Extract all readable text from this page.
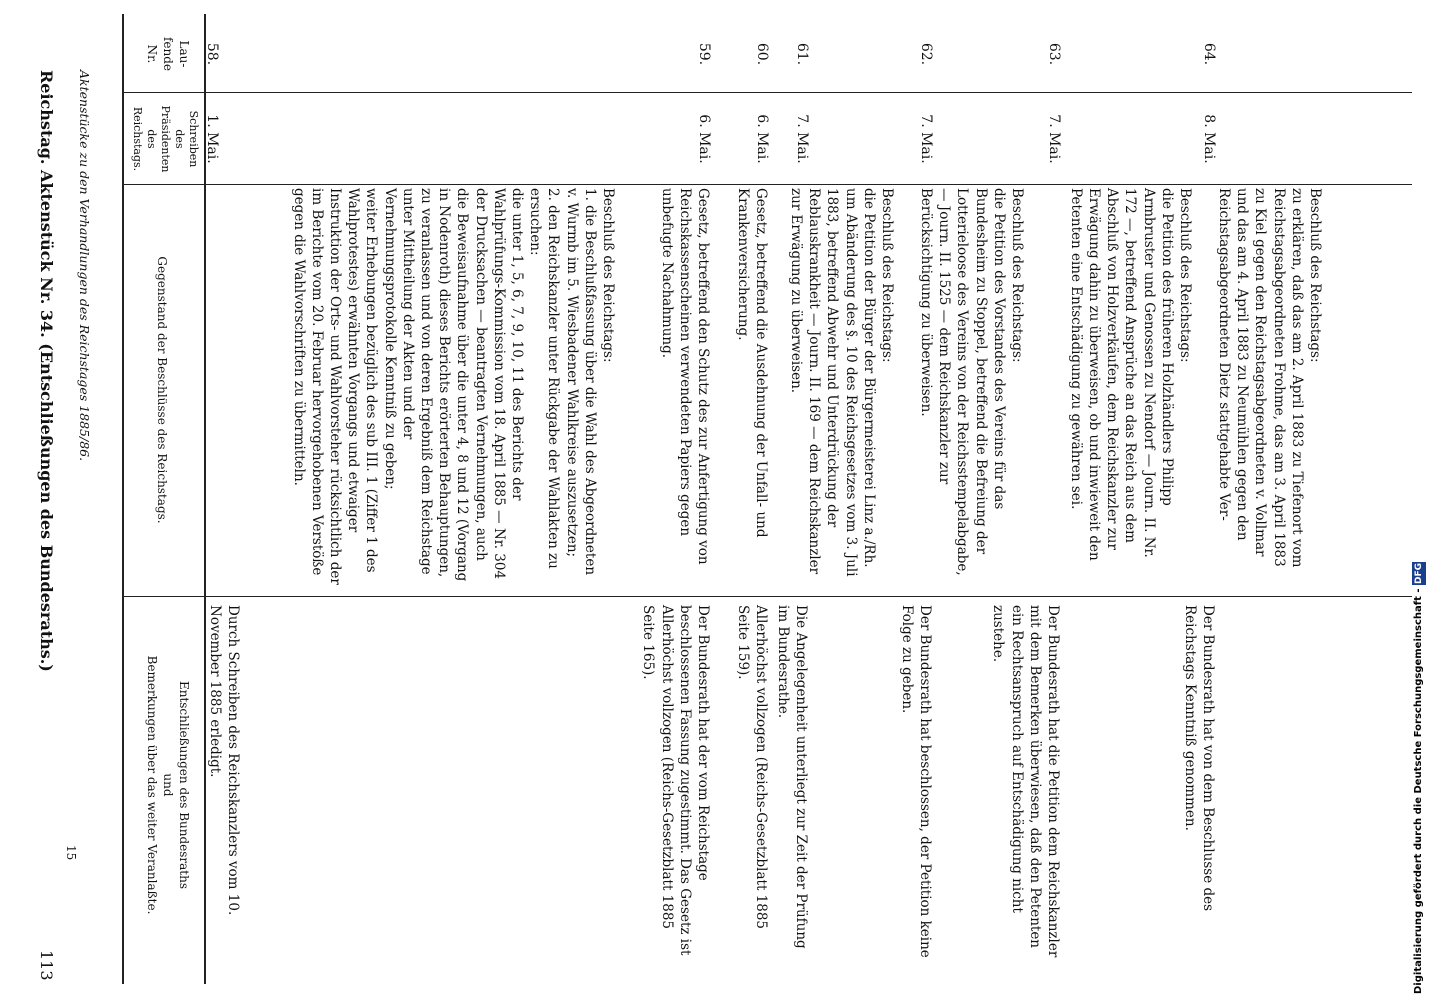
Reichstag. Aktenstück Nr. 34. (Entschließungen des Bundesraths.)
113
Lau-
fende
Nr.
Schreiben
des
Präsidenten
des
Reichstags.
Gegenstand der Beschlüsse des Reichstags.
Entschließungen des Bundesraths
und
Bemerkungen über das weiter Veranlaßte.
58.
1. Mai.
Beschluß des Reichstags:
1. die Beschlußfassung über die Wahl des Abgeordneten v. Wurmb im 5. Wiesbadener Wahlkreise auszusetzen;
2. den Reichskanzler unter Rückgabe der Wahlakten zu ersuchen:
die unter 1, 5, 6, 7, 9, 10, 11 des Berichts der Wahlprüfungs-Kommission vom 18. April 1885 — Nr. 304 der Drucksachen — beantragten Vernehmungen, auch die Beweisaufnahme über die unter 4, 8 und 12 (Vorgang in Nodenroth) dieses Berichts erörterten Behauptungen, zu veranlassen und von deren Ergebniß dem Reichstage unter Mittheilung der Akten und der Vernehmungsprotokolle Kenntniß zu geben;
weiter Erhebungen bezüglich des sub III. 1 (Ziffer 1 des Wahlprotestes) erwähnten Vorgangs und etwaiger Instruktion der Orts- und Wahlvorsteher rücksichtlich der im Berichte vom 20. Februar hervorgehobenen Verstöße gegen die Wahlvorschriften zu übermitteln.
Durch Schreiben des Reichskanzlers vom 10. November 1885 erledigt.
59.
6. Mai.
Gesetz, betreffend den Schutz des zur Anfertigung von Reichskassenscheinen verwendeten Papiers gegen unbefugte Nachahmung.
Der Bundesrath hat der vom Reichstage beschlossenen Fassung zugestimmt. Das Gesetz ist Allerhöchst vollzogen (Reichs-Gesetzblatt 1885 Seite 165).
60.
6. Mai.
Gesetz, betreffend die Ausdehnung der Unfall- und Krankenversicherung.
Allerhöchst vollzogen (Reichs-Gesetzblatt 1885 Seite 159).
61.
7. Mai.
Beschluß des Reichstags:
die Petition der Bürger der Bürgermeisterei Linz a./Rh. um Abänderung des §. 10 des Reichsgesetzes vom 3. Juli 1883, betreffend Abwehr und Unterdrückung der Reblauskrankheit — Journ. II. 169 — dem Reichskanzler zur Erwägung zu überweisen.
Die Angelegenheit unterliegt zur Zeit der Prüfung im Bundesrathe.
62.
7. Mai.
Beschluß des Reichstags:
die Petition des Vorstandes des Vereins für das Bundesheim zu Stoppel, betreffend die Befreiung der Lotterieloose des Vereins von der Reichsstempelabgabe, — Journ. II. 1525 — dem Reichskanzler zur Berücksichtigung zu überweisen.
Der Bundesrath hat beschlossen, der Petition keine Folge zu geben.
63.
7. Mai.
Beschluß des Reichstags:
die Petition des früheren Holzhändlers Philipp Armbruster und Genossen zu Nendorf — Journ. II. Nr. 172 —, betreffend Ansprüche an das Reich aus dem Abschluß von Holzverkäufen, dem Reichskanzler zur Erwägung dahin zu überweisen, ob und inwieweit den Petenten eine Entschädigung zu gewähren sei.
Der Bundesrath hat die Petition dem Reichskanzler mit dem Bemerken überwiesen, daß den Petenten ein Rechtsanspruch auf Entschädigung nicht zustehe.
64.
8. Mai.
Beschluß des Reichstags:
zu erklären, daß das am 2. April 1883 zu Tiefenort vom Reichstagsabgeordneten Frohme, das am 3. April 1883 zu Kiel gegen den Reichstagsabgeordneten v. Vollmar und das am 4. April 1883 zu Neumühlen gegen den Reichstagsabgeordneten Dietz stattgehabte Ver-
Der Bundesrath hat von dem Beschlusse des Reichstags Kenntniß genommen.
Aktenstücke zu den Verhandlungen des Reichstages 1885/86.
15	Digitalisierung gefördert durch die Deutsche Forschungsgemeinschaft - DFG
